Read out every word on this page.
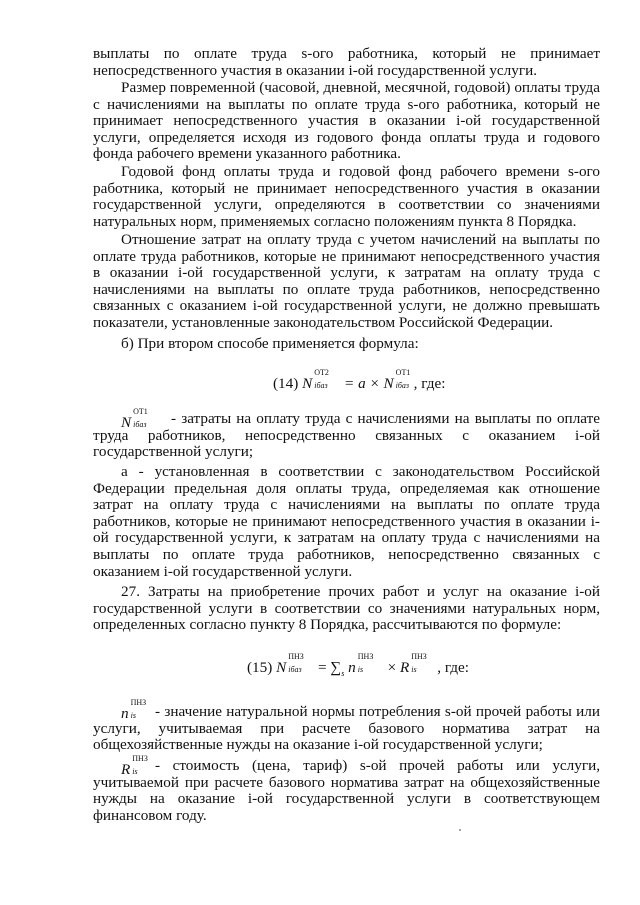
выплаты по оплате труда s-ого работника, который не принимает непосредственного участия в оказании i-ой государственной услуги.

Размер повременной (часовой, дневной, месячной, годовой) оплаты труда с начислениями на выплаты по оплате труда s-ого работника, который не принимает непосредственного участия в оказании i-ой государственной услуги, определяется исходя из годового фонда оплаты труда и годового фонда рабочего времени указанного работника.

Годовой фонд оплаты труда и годовой фонд рабочего времени s-ого работника, который не принимает непосредственного участия в оказании государственной услуги, определяются в соответствии со значениями натуральных норм, применяемых согласно положениям пункта 8 Порядка.

Отношение затрат на оплату труда с учетом начислений на выплаты по оплате труда работников, которые не принимают непосредственного участия в оказании i-ой государственной услуги, к затратам на оплату труда с начислениями на выплаты по оплате труда работников, непосредственно связанных с оказанием i-ой государственной услуги, не должно превышать показатели, установленные законодательством Российской Федерации.

б) При втором способе применяется формула:

(14) N
ОТ2
iбаз = a × N
ОТ1
iбаз , где:
N
ОТ1
iбаз	- затраты на оплату труда с начислениями на выплаты по оплате труда работников, непосредственно связанных с оказанием i-ой государственной услуги;

а - установленная в соответствии с законодательством Российской Федерации предельная доля оплаты труда, определяемая как отношение затрат на оплату труда с начислениями на выплаты по оплате труда работников, которые не принимают непосредственного участия в оказании i-ой государственной услуги, к затратам на оплату труда с начислениями на выплаты по оплате труда работников, непосредственно связанных с оказанием i-ой государственной услуги.

27. Затраты на приобретение прочих работ и услуг на оказание i-ой государственной услуги в соответствии со значениями натуральных норм, определенных согласно пункту 8 Порядка, рассчитываются по формуле:

(15) N
ПНЗ
iбаз = $\sum_s$ n
ПНЗ
is × R
ПНЗ
is , где:
n
ПНЗ
is	- значение натуральной нормы потребления s-ой прочей работы или услуги, учитываемая при расчете базового норматива затрат на общехозяйственные нужды на оказание i-ой государственной услуги;

R
ПНЗ
is	- стоимость (цена, тариф) s-ой прочей работы или услуги, учитываемой при расчете базового норматива затрат на общехозяйственные нужды на оказание i-ой государственной услуги в соответствующем финансовом году.
